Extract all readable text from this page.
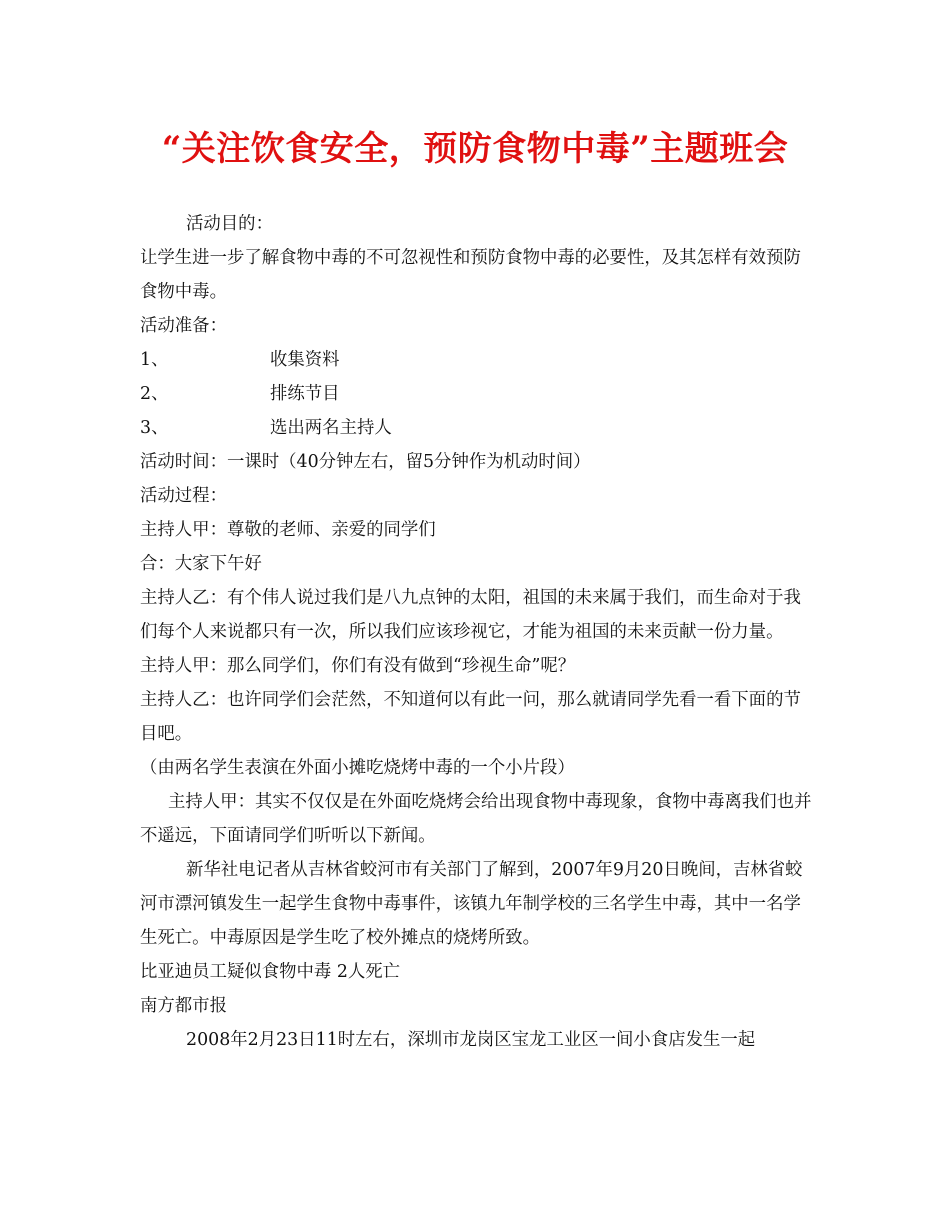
“关注饮食安全，预防食物中毒”主题班会

活动目的：

让学生进一步了解食物中毒的不可忽视性和预防食物中毒的必要性，及其怎样有效预防食物中毒。

活动准备：

1、	收集资料

2、	排练节目

3、	选出两名主持人

活动时间：一课时（40分钟左右，留5分钟作为机动时间）

活动过程：

主持人甲：尊敬的老师、亲爱的同学们

合：大家下午好

主持人乙：有个伟人说过我们是八九点钟的太阳，祖国的未来属于我们，而生命对于我们每个人来说都只有一次，所以我们应该珍视它，才能为祖国的未来贡献一份力量。

主持人甲：那么同学们，你们有没有做到“珍视生命”呢？

主持人乙：也许同学们会茫然，不知道何以有此一问，那么就请同学先看一看下面的节目吧。

（由两名学生表演在外面小摊吃烧烤中毒的一个小片段）

主持人甲：其实不仅仅是在外面吃烧烤会给出现食物中毒现象，食物中毒离我们也并不遥远，下面请同学们听听以下新闻。

新华社电记者从吉林省蛟河市有关部门了解到，2007年9月20日晚间，吉林省蛟河市漂河镇发生一起学生食物中毒事件，该镇九年制学校的三名学生中毒，其中一名学生死亡。中毒原因是学生吃了校外摊点的烧烤所致。

比亚迪员工疑似食物中毒 2人死亡

南方都市报

2008年2月23日11时左右，深圳市龙岗区宝龙工业区一间小食店发生一起
